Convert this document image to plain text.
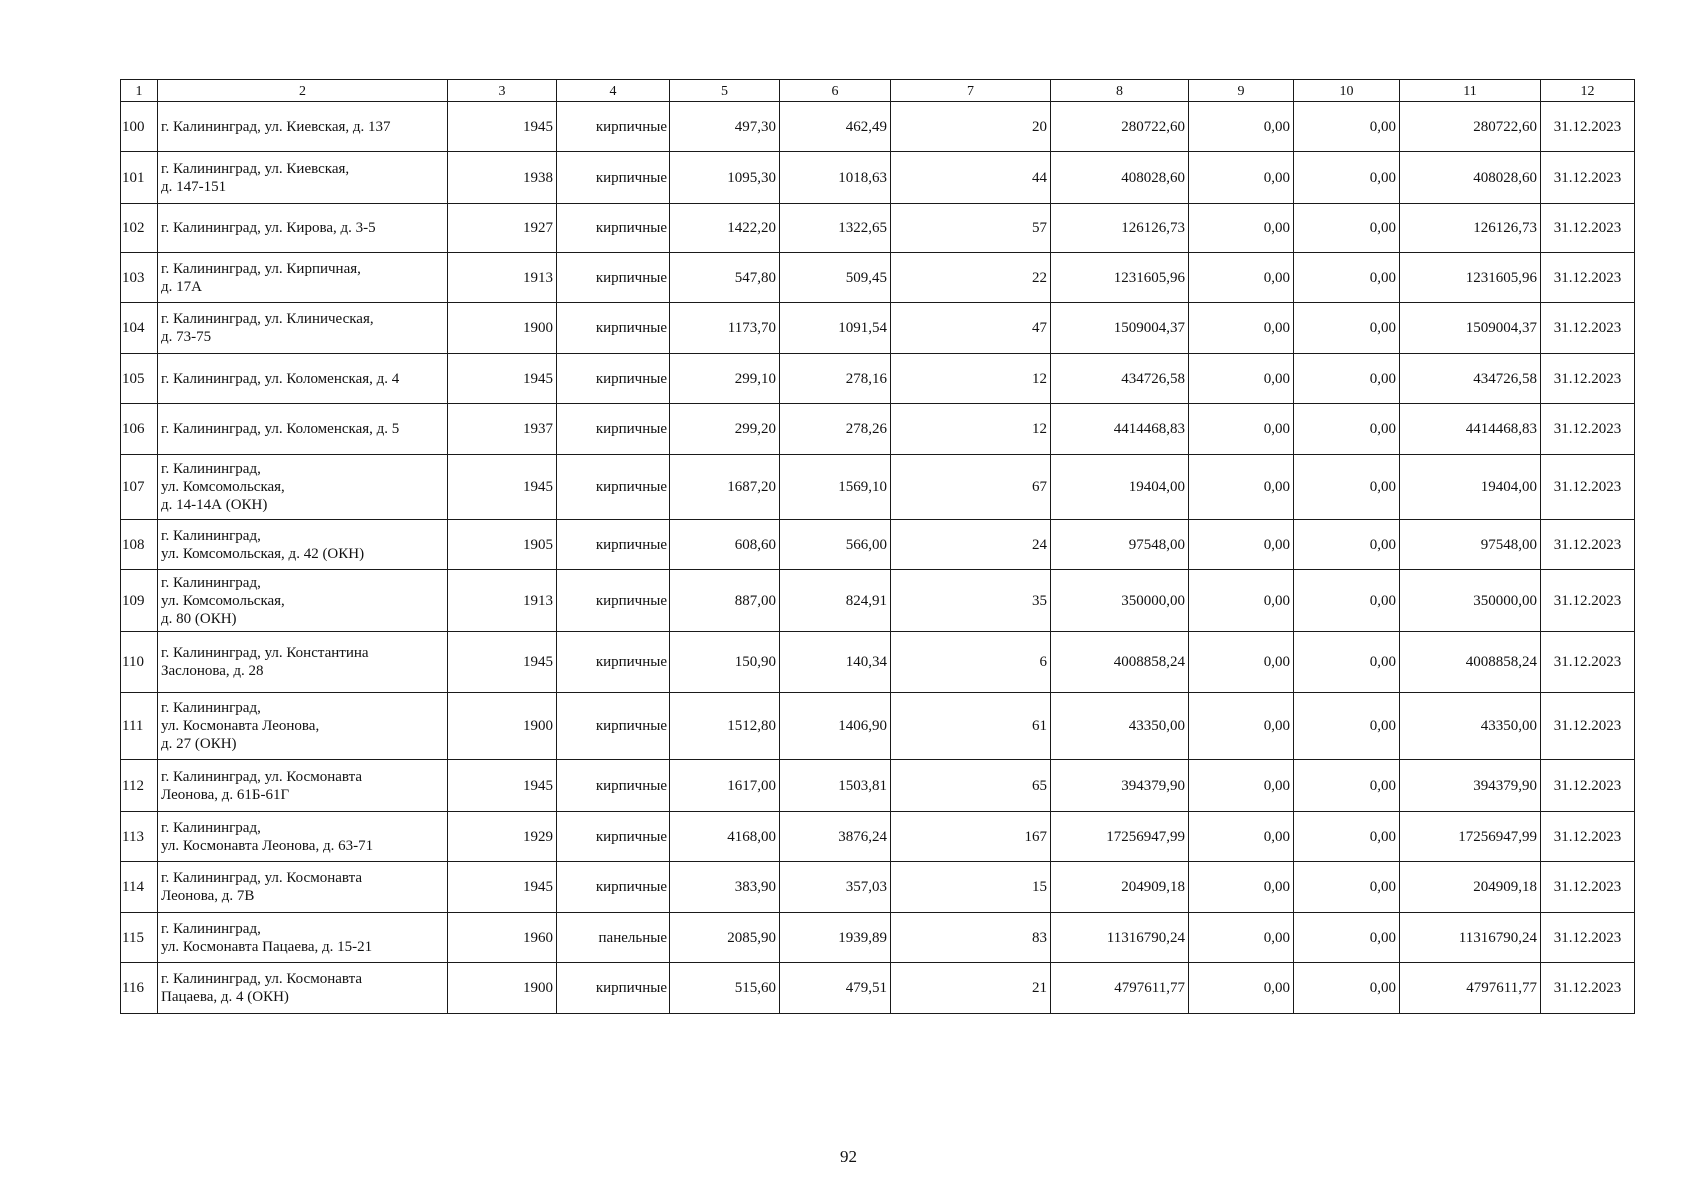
1	2	3	4	5	6	7	8	9	10	11	12
100	г. Калининград, ул. Киевская, д. 137	1945	кирпичные	497,30	462,49	20	280722,60	0,00	0,00	280722,60	31.12.2023
101	г. Калининград, ул. Киевская,
д. 147-151	1938	кирпичные	1095,30	1018,63	44	408028,60	0,00	0,00	408028,60	31.12.2023
102	г. Калининград, ул. Кирова, д. 3-5	1927	кирпичные	1422,20	1322,65	57	126126,73	0,00	0,00	126126,73	31.12.2023
103	г. Калининград, ул. Кирпичная,
д. 17А	1913	кирпичные	547,80	509,45	22	1231605,96	0,00	0,00	1231605,96	31.12.2023
104	г. Калининград, ул. Клиническая,
д. 73-75	1900	кирпичные	1173,70	1091,54	47	1509004,37	0,00	0,00	1509004,37	31.12.2023
105	г. Калининград, ул. Коломенская, д. 4	1945	кирпичные	299,10	278,16	12	434726,58	0,00	0,00	434726,58	31.12.2023
106	г. Калининград, ул. Коломенская, д. 5	1937	кирпичные	299,20	278,26	12	4414468,83	0,00	0,00	4414468,83	31.12.2023
107	г. Калининград,
ул. Комсомольская,
д. 14-14А (ОКН)	1945	кирпичные	1687,20	1569,10	67	19404,00	0,00	0,00	19404,00	31.12.2023
108	г. Калининград,
ул. Комсомольская, д. 42 (ОКН)	1905	кирпичные	608,60	566,00	24	97548,00	0,00	0,00	97548,00	31.12.2023
109	г. Калининград,
ул. Комсомольская,
д. 80 (ОКН)	1913	кирпичные	887,00	824,91	35	350000,00	0,00	0,00	350000,00	31.12.2023
110	г. Калининград, ул. Константина
Заслонова, д. 28	1945	кирпичные	150,90	140,34	6	4008858,24	0,00	0,00	4008858,24	31.12.2023
111	г. Калининград,
ул. Космонавта Леонова,
д. 27 (ОКН)	1900	кирпичные	1512,80	1406,90	61	43350,00	0,00	0,00	43350,00	31.12.2023
112	г. Калининград, ул. Космонавта
Леонова, д. 61Б-61Г	1945	кирпичные	1617,00	1503,81	65	394379,90	0,00	0,00	394379,90	31.12.2023
113	г. Калининград,
ул. Космонавта Леонова, д. 63-71	1929	кирпичные	4168,00	3876,24	167	17256947,99	0,00	0,00	17256947,99	31.12.2023
114	г. Калининград, ул. Космонавта
Леонова, д. 7В	1945	кирпичные	383,90	357,03	15	204909,18	0,00	0,00	204909,18	31.12.2023
115	г. Калининград,
ул. Космонавта Пацаева, д. 15-21	1960	панельные	2085,90	1939,89	83	11316790,24	0,00	0,00	11316790,24	31.12.2023
116	г. Калининград, ул. Космонавта
Пацаева, д. 4 (ОКН)	1900	кирпичные	515,60	479,51	21	4797611,77	0,00	0,00	4797611,77	31.12.2023
92
